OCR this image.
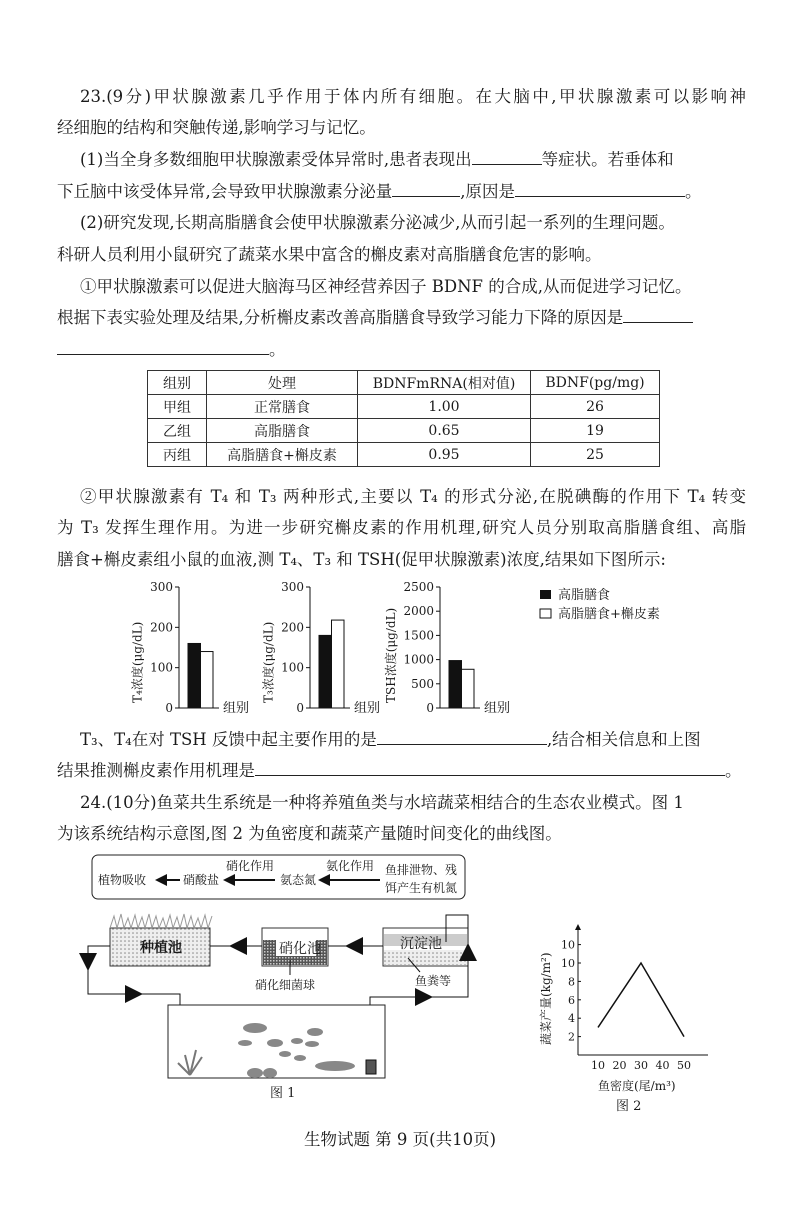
23.(9分)甲状腺激素几乎作用于体内所有细胞。在大脑中,甲状腺激素可以影响神
经细胞的结构和突触传递,影响学习与记忆。
(1)当全身多数细胞甲状腺激素受体异常时,患者表现出	等症状。若垂体和
下丘脑中该受体异常,会导致甲状腺激素分泌量	,原因是	。
(2)研究发现,长期高脂膳食会使甲状腺激素分泌减少,从而引起一系列的生理问题。
科研人员利用小鼠研究了蔬菜水果中富含的槲皮素对高脂膳食危害的影响。
①甲状腺激素可以促进大脑海马区神经营养因子 BDNF 的合成,从而促进学习记忆。
根据下表实验处理及结果,分析槲皮素改善高脂膳食导致学习能力下降的原因是
。
组别	处理	BDNFmRNA(相对值)	BDNF(pg/mg)
甲组	正常膳食	1.00	26
乙组	高脂膳食	0.65	19
丙组	高脂膳食+槲皮素	0.95	25
②甲状腺激素有 T₄ 和 T₃ 两种形式,主要以 T₄ 的形式分泌,在脱碘酶的作用下 T₄ 转变
为 T₃ 发挥生理作用。为进一步研究槲皮素的作用机理,研究人员分别取高脂膳食组、高脂
膳食+槲皮素组小鼠的血液,测 T₄、T₃ 和 TSH(促甲状腺激素)浓度,结果如下图所示:
高脂膳食
高脂膳食+槲皮素
0
100
200
300
组别
T₄浓度(μg/dL)
0
100
200
300
组别
T₃浓度(μg/dL)
0
500
1000
1500
2000
2500
组别
TSH浓度(μg/dL)
T₃、T₄在对 TSH 反馈中起主要作用的是	,结合相关信息和上图
结果推测槲皮素作用机理是	。
24.(10分)鱼菜共生系统是一种将养殖鱼类与水培蔬菜相结合的生态农业模式。图 1
为该系统结构示意图,图 2 为鱼密度和蔬菜产量随时间变化的曲线图。
植物吸收	硝酸盐
硝化作用
氨态氮
氨化作用 鱼排泄物、残
饵产生有机氮
种植池	硝化池	沉淀池
硝化细菌球	鱼粪等
图 1
图 2
鱼密度(尾/m³)
蔬菜产量(kg/m²)
10 20 30 40 50
2
4
6
8
10
10
生物试题 第 9 页(共10页)
